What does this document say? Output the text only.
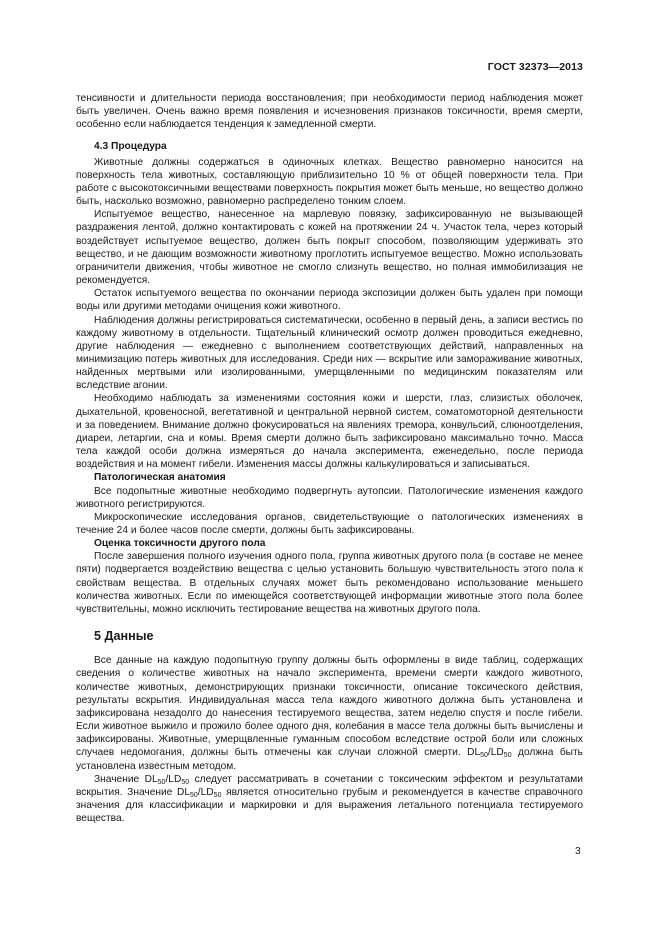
ГОСТ 32373—2013

тенсивности и длительности периода восстановления; при необходимости период наблюдения может быть увеличен. Очень важно время появления и исчезновения признаков токсичности, время смерти, особенно если наблюдается тенденция к замедленной смерти.

4.3 Процедура

Животные должны содержаться в одиночных клетках. Вещество равномерно наносится на поверхность тела животных, составляющую приблизительно 10 % от общей поверхности тела. При работе с высокотоксичными веществами поверхность покрытия может быть меньше, но вещество должно быть, насколько возможно, равномерно распределено тонким слоем.

Испытуемое вещество, нанесенное на марлевую повязку, зафиксированную не вызывающей раздражения лентой, должно контактировать с кожей на протяжении 24 ч. Участок тела, через который воздействует испытуемое вещество, должен быть покрыт способом, позволяющим удерживать это вещество, и не дающим возможности животному проглотить испытуемое вещество. Можно использовать ограничители движения, чтобы животное не смогло слизнуть вещество, но полная иммобилизация не рекомендуется.

Остаток испытуемого вещества по окончании периода экспозиции должен быть удален при помощи воды или другими методами очищения кожи животного.

Наблюдения должны регистрироваться систематически, особенно в первый день, а записи вестись по каждому животному в отдельности. Тщательный клинический осмотр должен проводиться ежедневно, другие наблюдения — ежедневно с выполнением соответствующих действий, направленных на минимизацию потерь животных для исследования. Среди них — вскрытие или замораживание животных, найденных мертвыми или изолированными, умерщвленными по медицинским показателям или вследствие агонии.

Необходимо наблюдать за изменениями состояния кожи и шерсти, глаз, слизистых оболочек, дыхательной, кровеносной, вегетативной и центральной нервной систем, соматомоторной деятельности и за поведением. Внимание должно фокусироваться на явлениях тремора, конвульсий, слюноотделения, диареи, летаргии, сна и комы. Время смерти должно быть зафиксировано максимально точно. Масса тела каждой особи должна измеряться до начала эксперимента, еженедельно, после периода воздействия и на момент гибели. Изменения массы должны калькулироваться и записываться.

Патологическая анатомия

Все подопытные животные необходимо подвергнуть аутопсии. Патологические изменения каждого животного регистрируются.

Микроскопические исследования органов, свидетельствующие о патологических изменениях в течение 24 и более часов после смерти, должны быть зафиксированы.

Оценка токсичности другого пола

После завершения полного изучения одного пола, группа животных другого пола (в составе не менее пяти) подвергается воздействию вещества с целью установить большую чувствительность этого пола к свойствам вещества. В отдельных случаях может быть рекомендовано использование меньшего количества животных. Если по имеющейся соответствующей информации животные этого пола более чувствительны, можно исключить тестирование вещества на животных другого пола.

5 Данные

Все данные на каждую подопытную группу должны быть оформлены в виде таблиц, содержащих сведения о количестве животных на начало эксперимента, времени смерти каждого животного, количестве животных, демонстрирующих признаки токсичности, описание токсического действия, результаты вскрытия. Индивидуальная масса тела каждого животного должна быть установлена и зафиксирована незадолго до нанесения тестируемого вещества, затем неделю спустя и после гибели. Если животное выжило и прожило более одного дня, колебания в массе тела должны быть вычислены и зафиксированы. Животные, умерщвленные гуманным способом вследствие острой боли или сложных случаев недомогания, должны быть отмечены как случаи сложной смерти. $DL_{50}/LD_{50}$ должна быть установлена известным методом.

Значение $DL_{50}/LD_{50}$ следует рассматривать в сочетании с токсическим эффектом и результатами вскрытия. Значение $DL_{50}/LD_{50}$ является относительно грубым и рекомендуется в качестве справочного значения для классификации и маркировки и для выражения летального потенциала тестируемого вещества.

3
